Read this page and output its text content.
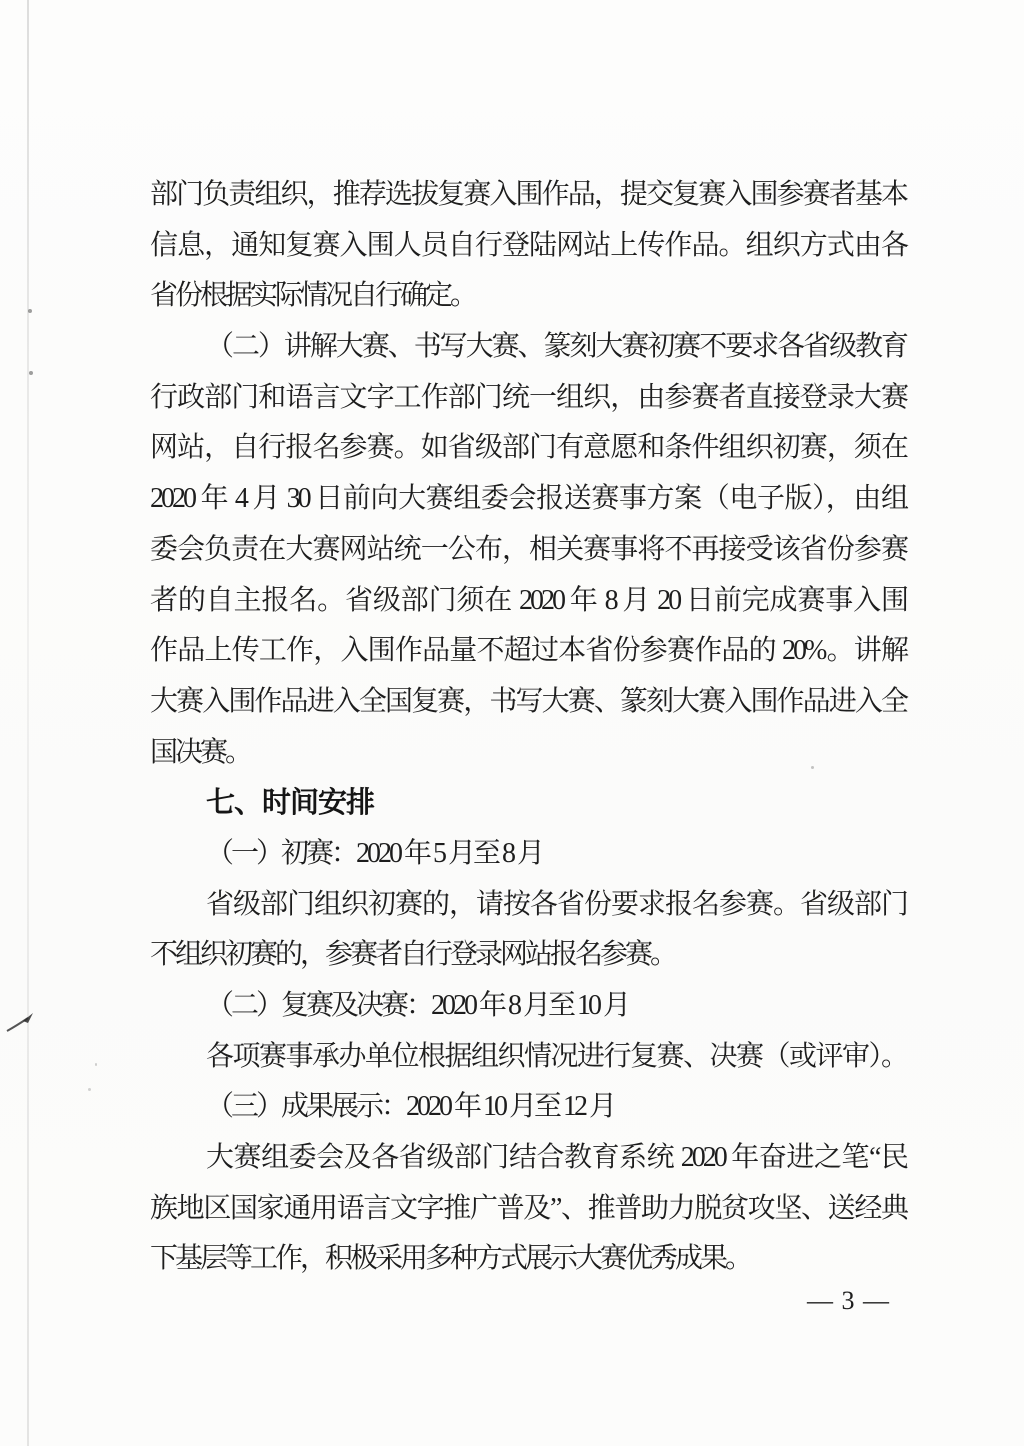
部门负责组织，推荐选拔复赛入围作品，提交复赛入围参赛者基本
信息，通知复赛入围人员自行登陆网站上传作品。组织方式由各
省份根据实际情况自行确定。
（二）讲解大赛、书写大赛、篆刻大赛初赛不要求各省级教育
行政部门和语言文字工作部门统一组织，由参赛者直接登录大赛
网站，自行报名参赛。如省级部门有意愿和条件组织初赛，须在
2020 年 4 月 30 日前向大赛组委会报送赛事方案（电子版），由组
委会负责在大赛网站统一公布，相关赛事将不再接受该省份参赛
者的自主报名。省级部门须在 2020 年 8 月 20 日前完成赛事入围
作品上传工作，入围作品量不超过本省份参赛作品的 20%。讲解
大赛入围作品进入全国复赛，书写大赛、篆刻大赛入围作品进入全
国决赛。
七、时间安排
（一）初赛：2020 年 5 月至 8 月
省级部门组织初赛的，请按各省份要求报名参赛。省级部门
不组织初赛的，参赛者自行登录网站报名参赛。
（二）复赛及决赛：2020 年 8 月至 10 月
各项赛事承办单位根据组织情况进行复赛、决赛（或评审）。
（三）成果展示：2020 年 10 月至 12 月
大赛组委会及各省级部门结合教育系统 2020 年奋进之笔“民
族地区国家通用语言文字推广普及”、推普助力脱贫攻坚、送经典
下基层等工作，积极采用多种方式展示大赛优秀成果。
— 3 —
